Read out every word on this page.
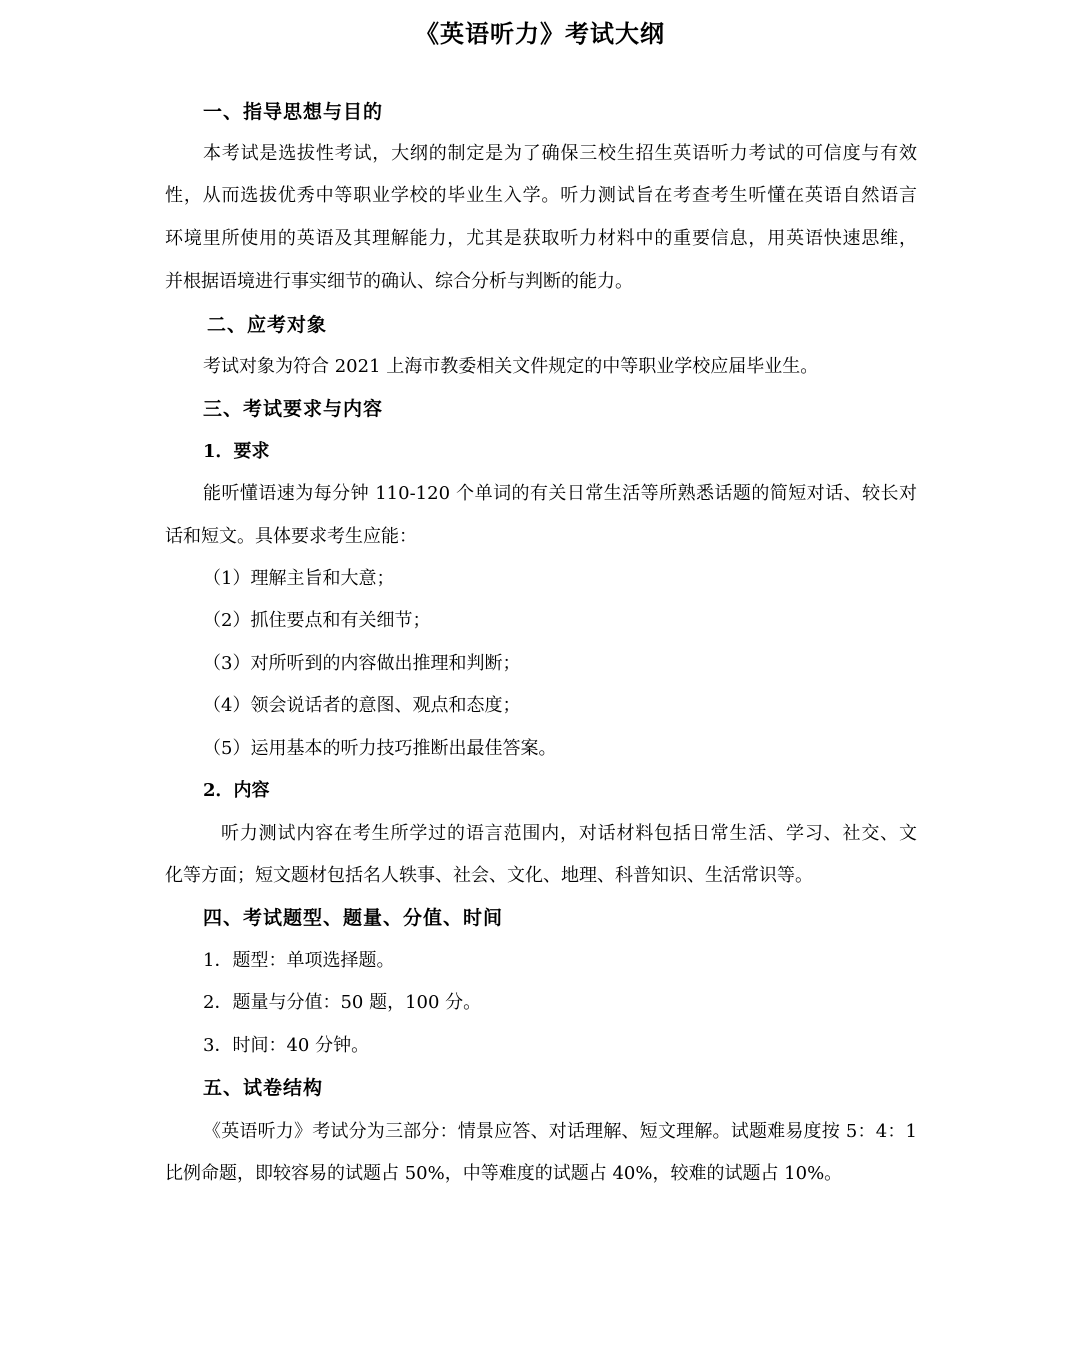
《英语听力》考试大纲
一、指导思想与目的
本考试是选拔性考试，大纲的制定是为了确保三校生招生英语听力考试的可信度与有效
性，从而选拔优秀中等职业学校的毕业生入学。听力测试旨在考查考生听懂在英语自然语言
环境里所使用的英语及其理解能力，尤其是获取听力材料中的重要信息，用英语快速思维，
并根据语境进行事实细节的确认、综合分析与判断的能力。
二、应考对象
考试对象为符合 2021 上海市教委相关文件规定的中等职业学校应届毕业生。
三、考试要求与内容
1．要求
能听懂语速为每分钟 110-120 个单词的有关日常生活等所熟悉话题的简短对话、较长对
话和短文。具体要求考生应能：
（1）理解主旨和大意；
（2）抓住要点和有关细节；
（3）对所听到的内容做出推理和判断；
（4）领会说话者的意图、观点和态度；
（5）运用基本的听力技巧推断出最佳答案。
2．内容
听力测试内容在考生所学过的语言范围内，对话材料包括日常生活、学习、社交、文
化等方面；短文题材包括名人轶事、社会、文化、地理、科普知识、生活常识等。
四、考试题型、题量、分值、时间
1．题型：单项选择题。
2．题量与分值：50 题，100 分。
3．时间：40 分钟。
五、试卷结构
《英语听力》考试分为三部分：情景应答、对话理解、短文理解。试题难易度按 5：4：1
比例命题，即较容易的试题占 50%，中等难度的试题占 40%，较难的试题占 10%。
